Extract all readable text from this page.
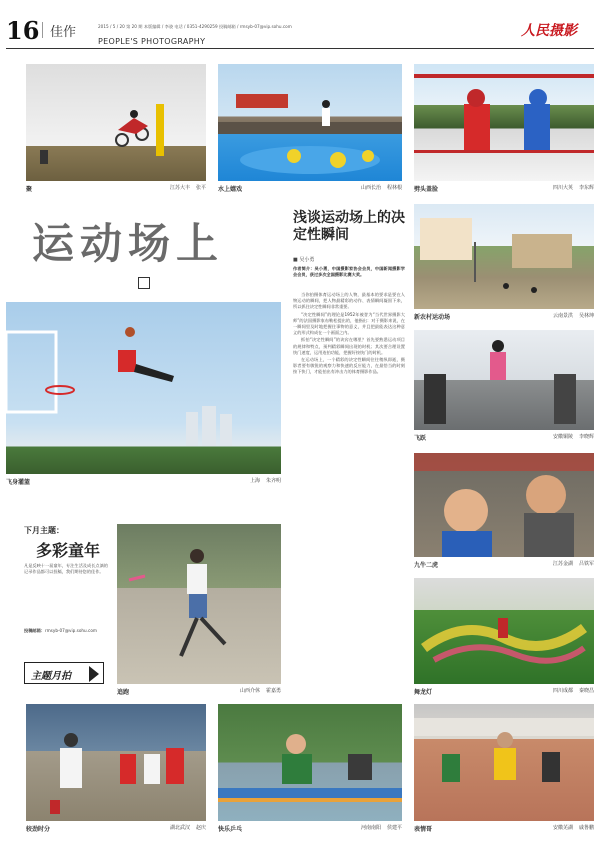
16 佳作	2015 / 5 / 20 第 20 期 本版编辑 / 李骁 电话 / 0351-4290259 投稿邮箱 / rmsyb-07@vip.sohu.com
PEOPLE'S PHOTOGRAPHY
人民摄影
聚	江苏大丰 张平 水上嬉戏	山西长治 程林根 劈头盖脸	四川大英 李东辉
运动场上
浅谈运动场上的决定性瞬间
■ 吴小勇
作者简介：吴小勇，中国摄影家协会会员，中国新闻摄影学会会员，获过多次全国摄影比赛大奖。

当你拍摄体育运动场上的人物，最基本的要求是要在人物运动的瞬间，把人物最精彩的动作、表情瞬间凝固下来，所以抓住决定性瞬间非常重要。

“决定性瞬间”的理论是1952年被誉为“当代世界摄影大师”的法国摄影家布勒松提出的，他指出：对于摄影来说，在一瞬间里及时地把握住事物的意义，并且把最能表达这种意义的形式构成在一个画面之内。

抓拍“决定性瞬间”的诀窍在哪里？首先要熟悉运动项目的规律和特点，预判精彩瞬间出现的时机；其次要合理设置快门速度，运用连拍功能，把握好按快门的时机。

在运动场上，一个精彩的决定性瞬间往往稍纵即逝，摄影者要有敏锐的观察力和快速的反应能力，在最恰当的时刻按下快门，才能拍出有冲击力的体育摄影作品。

新农村运动场	云南景洪 吴林坤
飞跃	安徽铜陵 李晓辉
九牛二虎	江苏金湖 吕铁军
舞龙灯	四川成都 秦晓昌
飞身灌篮	上海 朱齐明
下月主题：
多彩童年
凡是反映十一届童年，专注生活及成长点滴的记录作品都可以投稿，我们期待您的佳作。
投稿邮箱：rmsyb-07@vip.sohu.com
主题月拍
追跑	山西介休 霍嘉勇
较劲时分	湖北武汉 赵庆 快乐乒乓	河南南阳 侯建平 表情哥	安徽芜湖 戚鲁鹏
